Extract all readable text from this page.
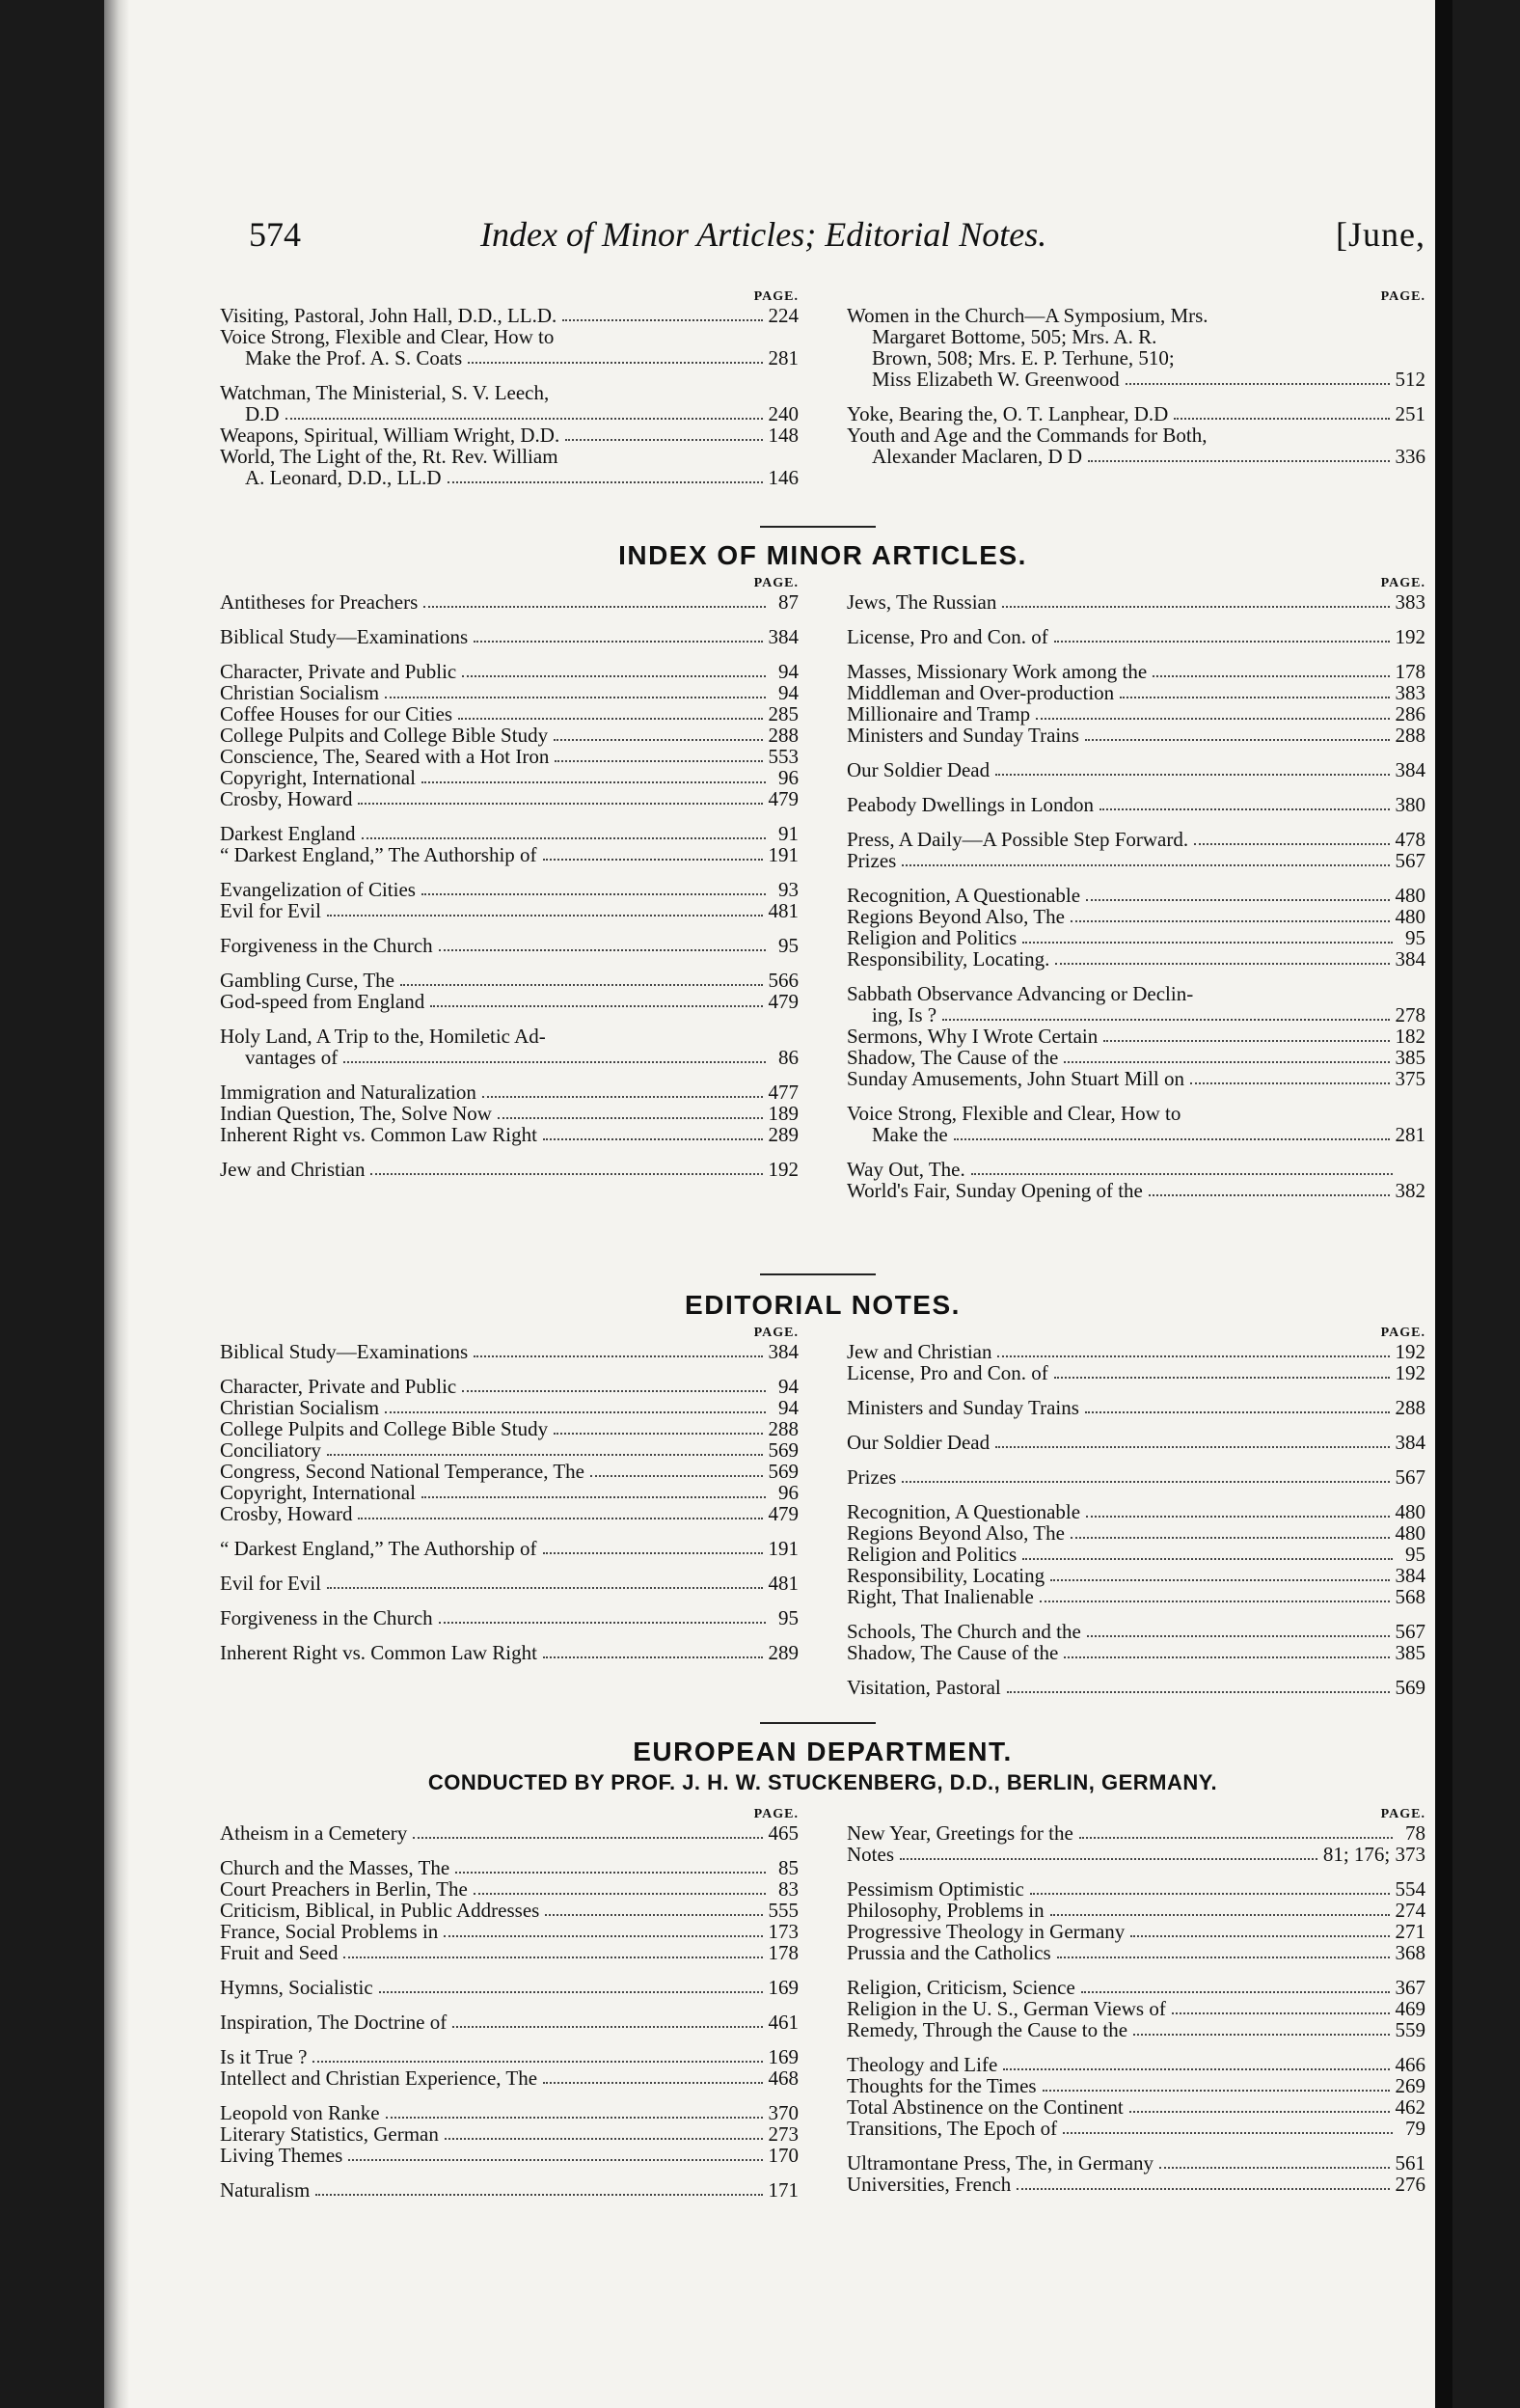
574	Index of Minor Articles; Editorial Notes.	[June,
PAGE.
Visiting, Pastoral, John Hall, D.D., LL.D.	224
Voice Strong, Flexible and Clear, How to
Make the Prof. A. S. Coats	281
Watchman, The Ministerial, S. V. Leech,
D.D	240
Weapons, Spiritual, William Wright, D.D.	148
World, The Light of the, Rt. Rev. William
A. Leonard, D.D., LL.D	146
PAGE.
Women in the Church—A Symposium, Mrs.
Margaret Bottome, 505; Mrs. A. R.
Brown, 508; Mrs. E. P. Terhune, 510;
Miss Elizabeth W. Greenwood	512
Yoke, Bearing the, O. T. Lanphear, D.D	251
Youth and Age and the Commands for Both,
Alexander Maclaren, D D	336
INDEX OF MINOR ARTICLES.
PAGE.
Antitheses for Preachers	87
Biblical Study—Examinations	384
Character, Private and Public	94
Christian Socialism	94
Coffee Houses for our Cities	285
College Pulpits and College Bible Study	288
Conscience, The, Seared with a Hot Iron	553
Copyright, International	96
Crosby, Howard	479
Darkest England	91
“ Darkest England,” The Authorship of	191
Evangelization of Cities	93
Evil for Evil	481
Forgiveness in the Church	95
Gambling Curse, The	566
God-speed from England	479
Holy Land, A Trip to the, Homiletic Ad-
vantages of	86
Immigration and Naturalization	477
Indian Question, The, Solve Now	189
Inherent Right vs. Common Law Right	289
Jew and Christian	192
PAGE.
Jews, The Russian	383
License, Pro and Con. of	192
Masses, Missionary Work among the	178
Middleman and Over-production	383
Millionaire and Tramp	286
Ministers and Sunday Trains	288
Our Soldier Dead	384
Peabody Dwellings in London	380
Press, A Daily—A Possible Step Forward.	478
Prizes	567
Recognition, A Questionable	480
Regions Beyond Also, The	480
Religion and Politics	95
Responsibility, Locating.	384
Sabbath Observance Advancing or Declin-
ing, Is ?	278
Sermons, Why I Wrote Certain	182
Shadow, The Cause of the	385
Sunday Amusements, John Stuart Mill on	375
Voice Strong, Flexible and Clear, How to
Make the	281
Way Out, The.
World's Fair, Sunday Opening of the	382
EDITORIAL NOTES.
PAGE.
Biblical Study—Examinations	384
Character, Private and Public	94
Christian Socialism	94
College Pulpits and College Bible Study	288
Conciliatory	569
Congress, Second National Temperance, The	569
Copyright, International	96
Crosby, Howard	479
“ Darkest England,” The Authorship of	191
Evil for Evil	481
Forgiveness in the Church	95
Inherent Right vs. Common Law Right	289
PAGE.
Jew and Christian	192
License, Pro and Con. of	192
Ministers and Sunday Trains	288
Our Soldier Dead	384
Prizes	567
Recognition, A Questionable	480
Regions Beyond Also, The	480
Religion and Politics	95
Responsibility, Locating	384
Right, That Inalienable	568
Schools, The Church and the	567
Shadow, The Cause of the	385
Visitation, Pastoral	569
EUROPEAN DEPARTMENT.
CONDUCTED BY PROF. J. H. W. STUCKENBERG, D.D., BERLIN, GERMANY.
PAGE.
Atheism in a Cemetery	465
Church and the Masses, The	85
Court Preachers in Berlin, The	83
Criticism, Biblical, in Public Addresses	555
France, Social Problems in	173
Fruit and Seed	178
Hymns, Socialistic	169
Inspiration, The Doctrine of	461
Is it True ?	169
Intellect and Christian Experience, The	468
Leopold von Ranke	370
Literary Statistics, German	273
Living Themes	170
Naturalism	171
PAGE.
New Year, Greetings for the	78
Notes	81; 176; 373
Pessimism Optimistic	554
Philosophy, Problems in	274
Progressive Theology in Germany	271
Prussia and the Catholics	368
Religion, Criticism, Science	367
Religion in the U. S., German Views of	469
Remedy, Through the Cause to the	559
Theology and Life	466
Thoughts for the Times	269
Total Abstinence on the Continent	462
Transitions, The Epoch of	79
Ultramontane Press, The, in Germany	561
Universities, French	276
